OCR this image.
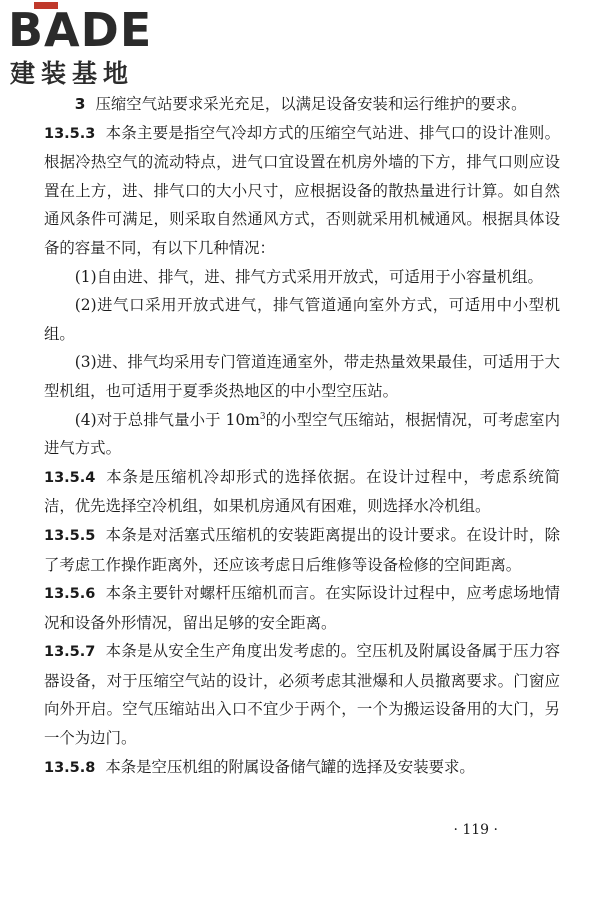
BADE
建装基地

3 压缩空气站要求采光充足，以满足设备安装和运行维护的要求。

13.5.3 本条主要是指空气冷却方式的压缩空气站进、排气口的设计准则。根据冷热空气的流动特点，进气口宜设置在机房外墙的下方，排气口则应设置在上方，进、排气口的大小尺寸，应根据设备的散热量进行计算。如自然通风条件可满足，则采取自然通风方式，否则就采用机械通风。根据具体设备的容量不同，有以下几种情况：

(1)自由进、排气，进、排气方式采用开放式，可适用于小容量机组。

(2)进气口采用开放式进气，排气管道通向室外方式，可适用中小型机组。

(3)进、排气均采用专门管道连通室外，带走热量效果最佳，可适用于大型机组，也可适用于夏季炎热地区的中小型空压站。

(4)对于总排气量小于 $10m^3$的小型空气压缩站，根据情况，可考虑室内进气方式。

13.5.4 本条是压缩机冷却形式的选择依据。在设计过程中，考虑系统简洁，优先选择空冷机组，如果机房通风有困难，则选择水冷机组。

13.5.5 本条是对活塞式压缩机的安装距离提出的设计要求。在设计时，除了考虑工作操作距离外，还应该考虑日后维修等设备检修的空间距离。

13.5.6 本条主要针对螺杆压缩机而言。在实际设计过程中，应考虑场地情况和设备外形情况，留出足够的安全距离。

13.5.7 本条是从安全生产角度出发考虑的。空压机及附属设备属于压力容器设备，对于压缩空气站的设计，必须考虑其泄爆和人员撤离要求。门窗应向外开启。空气压缩站出入口不宜少于两个，一个为搬运设备用的大门，另一个为边门。

13.5.8 本条是空压机组的附属设备储气罐的选择及安装要求。

· 119 ·
